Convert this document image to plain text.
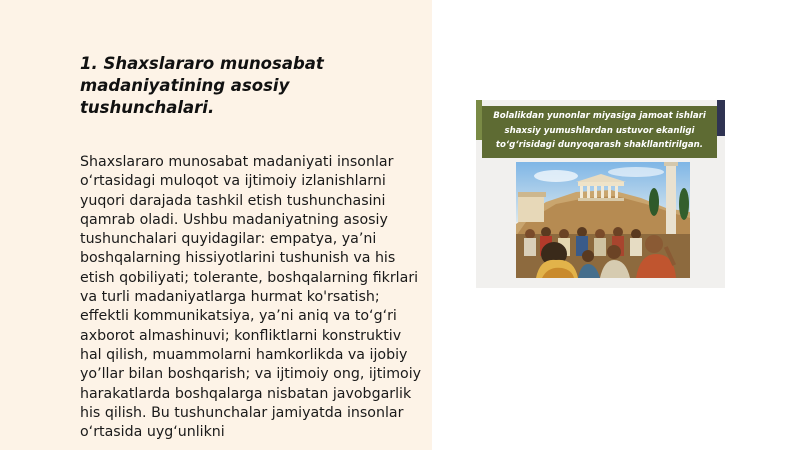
1. Shaxslararo munosabat madaniyatining asosiy tushunchalari.

Shaxslararo munosabat madaniyati insonlar o‘rtasidagi muloqot va ijtimoiy izlanishlarni yuqori darajada tashkil etish tushunchasini qamrab oladi. Ushbu madaniyatning asosiy tushunchalari quyidagilar: empatya, ya’ni boshqalarning hissiyotlarini tushunish va his etish qobiliyati; tolerante, boshqalarning fikrlari va turli madaniyatlarga hurmat ko'rsatish; effektli kommunikatsiya, ya’ni aniq va to‘g‘ri axborot almashinuvi; konfliktlarni konstruktiv hal qilish, muammolarni hamkorlikda va ijobiy yo’llar bilan boshqarish; va ijtimoiy ong, ijtimoiy harakatlarda boshqalarga nisbatan javobgarlik his qilish. Bu tushunchalar jamiyatda insonlar o‘rtasida uyg‘unlikni

Bolalikdan yunonlar miyasiga jamoat ishlari shaxsiy yumushlardan ustuvor ekanligi to‘g‘risidagi dunyoqarash shakllantirilgan.
